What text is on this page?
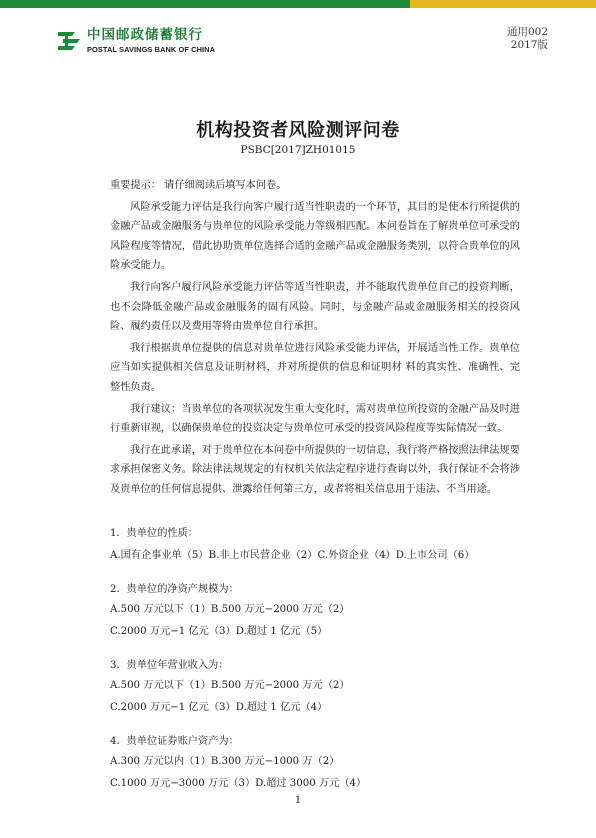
中国邮政储蓄银行
POSTAL SAVINGS BANK OF CHINA
通用002
2017版
机构投资者风险测评问卷
PSBC[2017]ZH01015
重要提示： 请仔细阅读后填写本问卷。

风险承受能力评估是我行向客户履行适当性职责的一个环节，其目的是使本行所提供的金融产品或金融服务与贵单位的风险承受能力等级相匹配。本问卷旨在了解贵单位可承受的风险程度等情况，借此协助贵单位选择合适的金融产品或金融服务类别，以符合贵单位的风险承受能力。

我行向客户履行风险承受能力评估等适当性职责，并不能取代贵单位自己的投资判断，也不会降低金融产品或金融服务的固有风险。同时，与金融产品或金融服务相关的投资风险、履约责任以及费用等将由贵单位自行承担。

我行根据贵单位提供的信息对贵单位进行风险承受能力评估，开展适当性工作。贵单位应当如实提供相关信息及证明材料，并对所提供的信息和证明材 料的真实性、准确性、完整性负责。

我行建议：当贵单位的各项状况发生重大变化时，需对贵单位所投资的金融产品及时进行重新审视，以确保贵单位的投资决定与贵单位可承受的投资风险程度等实际情况一致。

我行在此承诺，对于贵单位在本问卷中所提供的一切信息，我行将严格按照法律法规要求承担保密义务。除法律法规规定的有权机关依法定程序进行查询以外，我行保证不会将涉及贵单位的任何信息提供、泄露给任何第三方，或者将相关信息用于违法、不当用途。

1．贵单位的性质：
A.国有企事业单（5）B.非上市民营企业（2）C.外资企业（4）D.上市公司（6）
2．贵单位的净资产规模为：
A.500 万元以下（1）B.500 万元−2000 万元（2）
C.2000 万元−1 亿元（3）D.超过 1 亿元（5）
3．贵单位年营业收入为：
A.500 万元以下（1）B.500 万元−2000 万元（2）
C.2000 万元−1 亿元（3）D.超过 1 亿元（4）
4．贵单位证券账户资产为：
A.300 万元以内（1）B.300 万元−1000 万（2）
C.1000 万元−3000 万元（3）D.超过 3000 万元（4）
1
